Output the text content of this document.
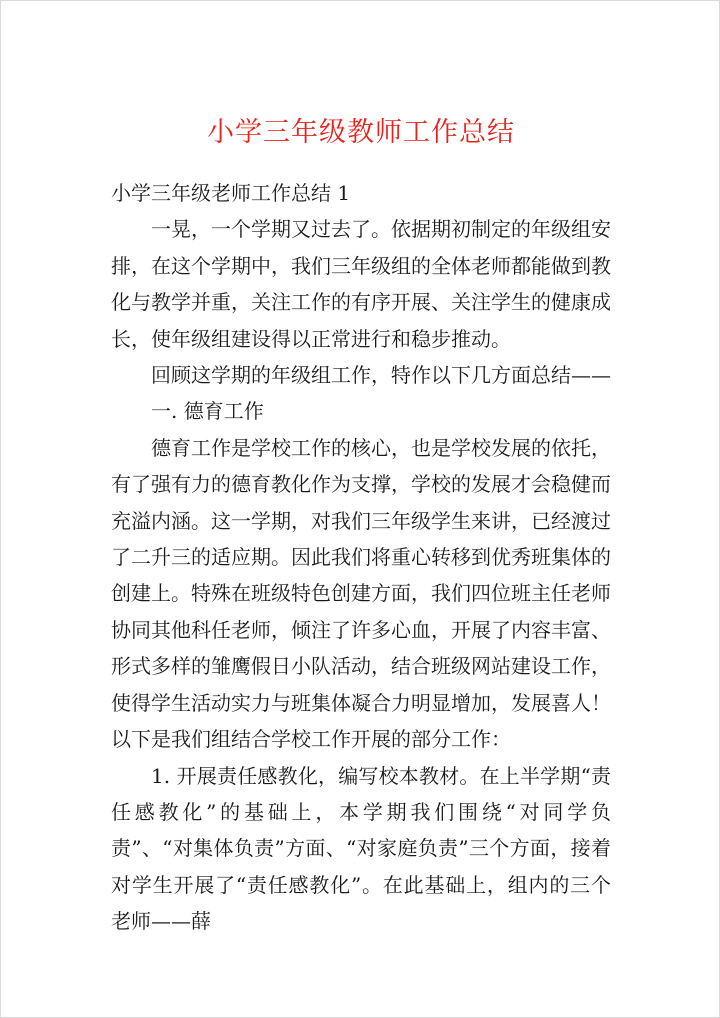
小学三年级教师工作总结

小学三年级老师工作总结 1

一晃，一个学期又过去了。依据期初制定的年级组安排，在这个学期中，我们三年级组的全体老师都能做到教化与教学并重，关注工作的有序开展、关注学生的健康成长，使年级组建设得以正常进行和稳步推动。

回顾这学期的年级组工作，特作以下几方面总结——

一. 德育工作

德育工作是学校工作的核心，也是学校发展的依托，有了强有力的德育教化作为支撑，学校的发展才会稳健而充溢内涵。这一学期，对我们三年级学生来讲，已经渡过了二升三的适应期。因此我们将重心转移到优秀班集体的创建上。特殊在班级特色创建方面，我们四位班主任老师协同其他科任老师，倾注了许多心血，开展了内容丰富、形式多样的雏鹰假日小队活动，结合班级网站建设工作，使得学生活动实力与班集体凝合力明显增加，发展喜人！以下是我们组结合学校工作开展的部分工作：

1. 开展责任感教化，编写校本教材。在上半学期“责任感教化”的基础上，本学期我们围绕“对同学负责”、“对集体负责”方面、“对家庭负责”三个方面，接着对学生开展了“责任感教化”。在此基础上，组内的三个老师——薛
